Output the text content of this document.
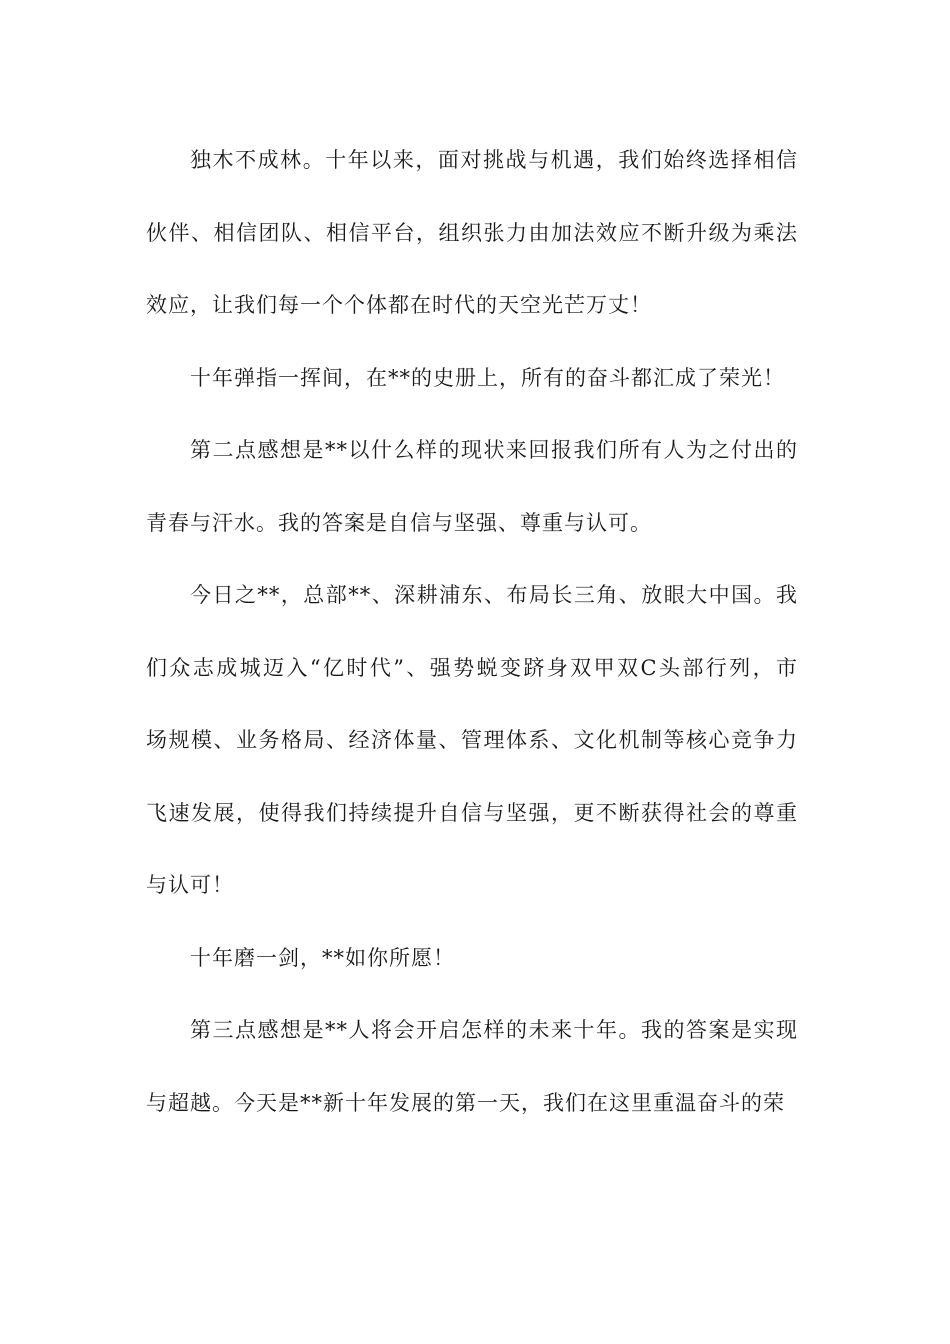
独木不成林。十年以来，面对挑战与机遇，我们始终选择相信
伙伴、相信团队、相信平台，组织张力由加法效应不断升级为乘法
效应，让我们每一个个体都在时代的天空光芒万丈！
十年弹指一挥间，在**的史册上，所有的奋斗都汇成了荣光！
第二点感想是**以什么样的现状来回报我们所有人为之付出的
青春与汗水。我的答案是自信与坚强、尊重与认可。
今日之**，总部**、深耕浦东、布局长三角、放眼大中国。我
们众志成城迈入“亿时代”、强势蜕变跻身双甲双C头部行列，市
场规模、业务格局、经济体量、管理体系、文化机制等核心竞争力
飞速发展，使得我们持续提升自信与坚强，更不断获得社会的尊重
与认可！
十年磨一剑，**如你所愿！
第三点感想是**人将会开启怎样的未来十年。我的答案是实现
与超越。今天是**新十年发展的第一天，我们在这里重温奋斗的荣
